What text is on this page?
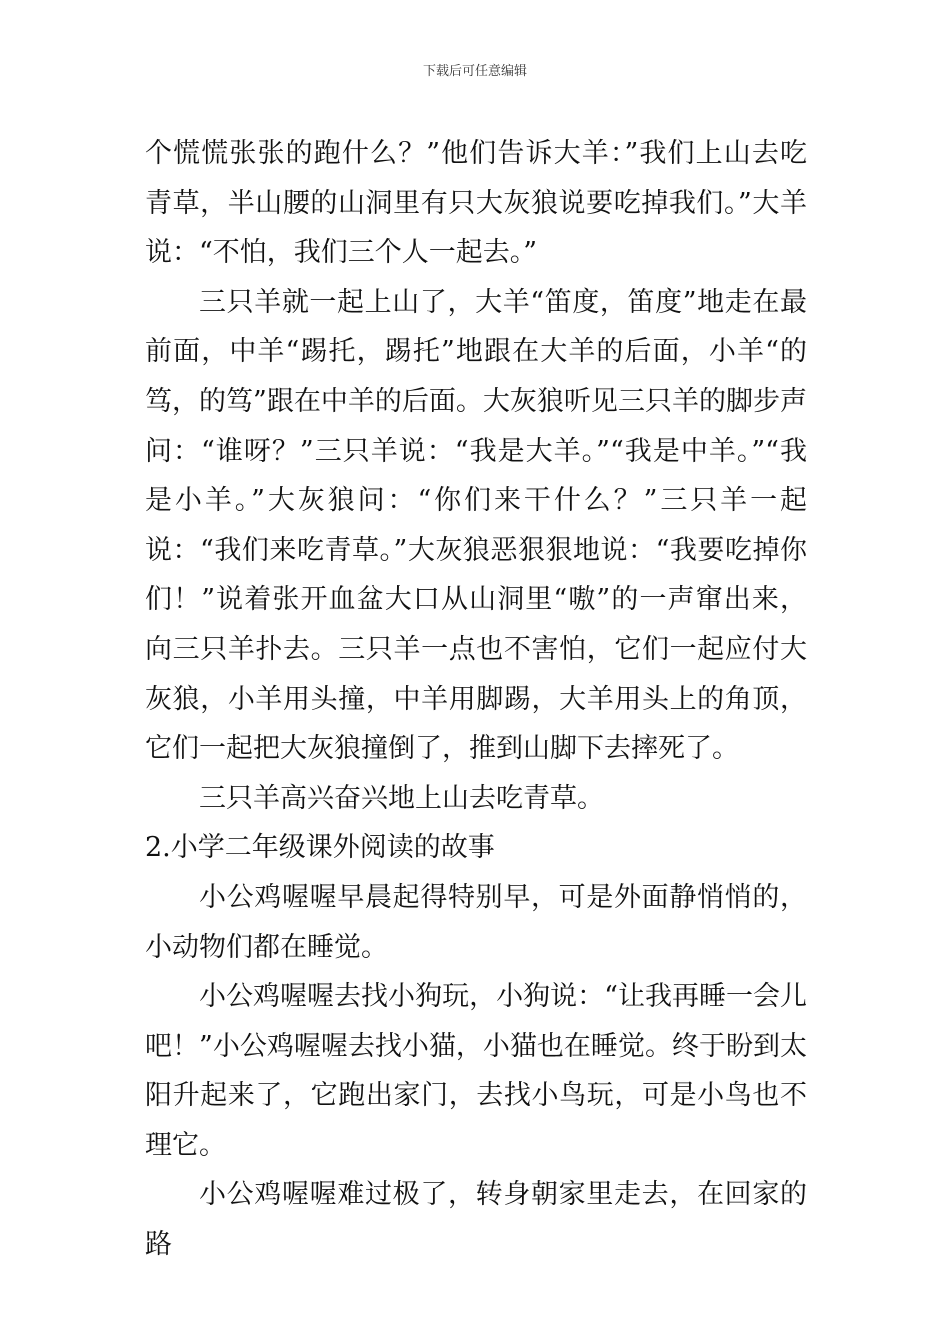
下载后可任意编辑

个慌慌张张的跑什么？”他们告诉大羊：”我们上山去吃青草，半山腰的山洞里有只大灰狼说要吃掉我们。”大羊说：“不怕，我们三个人一起去。”

三只羊就一起上山了，大羊“笛度，笛度”地走在最前面，中羊“踢托，踢托”地跟在大羊的后面，小羊“的笃，的笃”跟在中羊的后面。大灰狼听见三只羊的脚步声问：“谁呀？”三只羊说：“我是大羊。”“我是中羊。”“我是小羊。”大灰狼问：“你们来干什么？”三只羊一起说：“我们来吃青草。”大灰狼恶狠狠地说：“我要吃掉你们！”说着张开血盆大口从山洞里“嗷”的一声窜出来，向三只羊扑去。三只羊一点也不害怕，它们一起应付大灰狼，小羊用头撞，中羊用脚踢，大羊用头上的角顶，它们一起把大灰狼撞倒了，推到山脚下去摔死了。

三只羊高兴奋兴地上山去吃青草。

2.小学二年级课外阅读的故事

小公鸡喔喔早晨起得特别早，可是外面静悄悄的，小动物们都在睡觉。

小公鸡喔喔去找小狗玩，小狗说：“让我再睡一会儿吧！”小公鸡喔喔去找小猫，小猫也在睡觉。终于盼到太阳升起来了，它跑出家门，去找小鸟玩，可是小鸟也不理它。

小公鸡喔喔难过极了，转身朝家里走去，在回家的路
